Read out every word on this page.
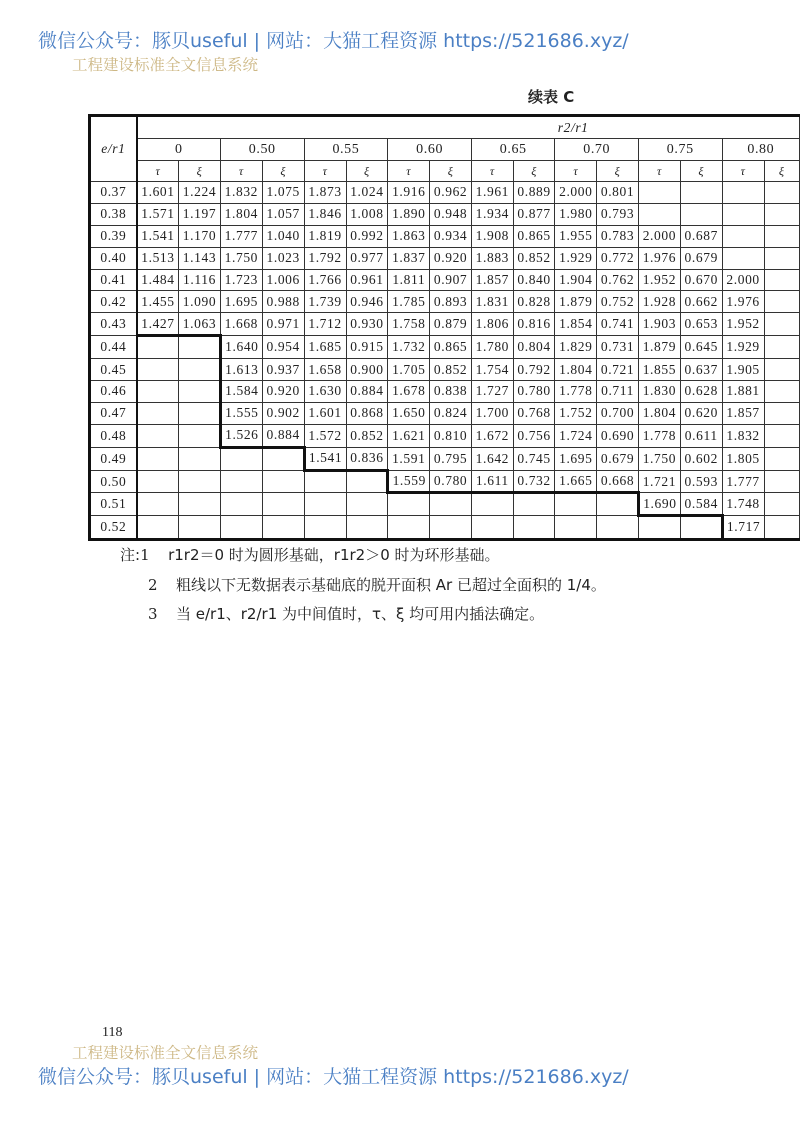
微信公众号：豚贝useful | 网站：大猫工程资源 https://521686.xyz/
工程建设标准全文信息系统
续表 C
e/r1	r2/r1															
	0		0.50		0.55		0.60		0.65		0.70		0.75		0.80	
	τ	ξ	τ	ξ	τ	ξ	τ	ξ	τ	ξ	τ	ξ	τ	ξ	τ	ξ
0.37	1.601	1.224	1.832	1.075	1.873	1.024	1.916	0.962	1.961	0.889	2.000	0.801				
0.38	1.571	1.197	1.804	1.057	1.846	1.008	1.890	0.948	1.934	0.877	1.980	0.793				
0.39	1.541	1.170	1.777	1.040	1.819	0.992	1.863	0.934	1.908	0.865	1.955	0.783	2.000	0.687		
0.40	1.513	1.143	1.750	1.023	1.792	0.977	1.837	0.920	1.883	0.852	1.929	0.772	1.976	0.679		
0.41	1.484	1.116	1.723	1.006	1.766	0.961	1.811	0.907	1.857	0.840	1.904	0.762	1.952	0.670	2.000	
0.42	1.455	1.090	1.695	0.988	1.739	0.946	1.785	0.893	1.831	0.828	1.879	0.752	1.928	0.662	1.976	
0.43	1.427	1.063	1.668	0.971	1.712	0.930	1.758	0.879	1.806	0.816	1.854	0.741	1.903	0.653	1.952	
0.44			1.640	0.954	1.685	0.915	1.732	0.865	1.780	0.804	1.829	0.731	1.879	0.645	1.929	
0.45			1.613	0.937	1.658	0.900	1.705	0.852	1.754	0.792	1.804	0.721	1.855	0.637	1.905	
0.46			1.584	0.920	1.630	0.884	1.678	0.838	1.727	0.780	1.778	0.711	1.830	0.628	1.881	
0.47			1.555	0.902	1.601	0.868	1.650	0.824	1.700	0.768	1.752	0.700	1.804	0.620	1.857	
0.48			1.526	0.884	1.572	0.852	1.621	0.810	1.672	0.756	1.724	0.690	1.778	0.611	1.832	
0.49					1.541	0.836	1.591	0.795	1.642	0.745	1.695	0.679	1.750	0.602	1.805	
0.50							1.559	0.780	1.611	0.732	1.665	0.668	1.721	0.593	1.777	
0.51													1.690	0.584	1.748	
0.52															1.717	
注:1 r1r2＝0 时为圆形基础，r1r2＞0 时为环形基础。
2 粗线以下无数据表示基础底的脱开面积 Ar 已超过全面积的 1/4。
3 当 e/r1、r2/r1 为中间值时，τ、ξ 均可用内插法确定。
118
工程建设标准全文信息系统
微信公众号：豚贝useful | 网站：大猫工程资源 https://521686.xyz/
